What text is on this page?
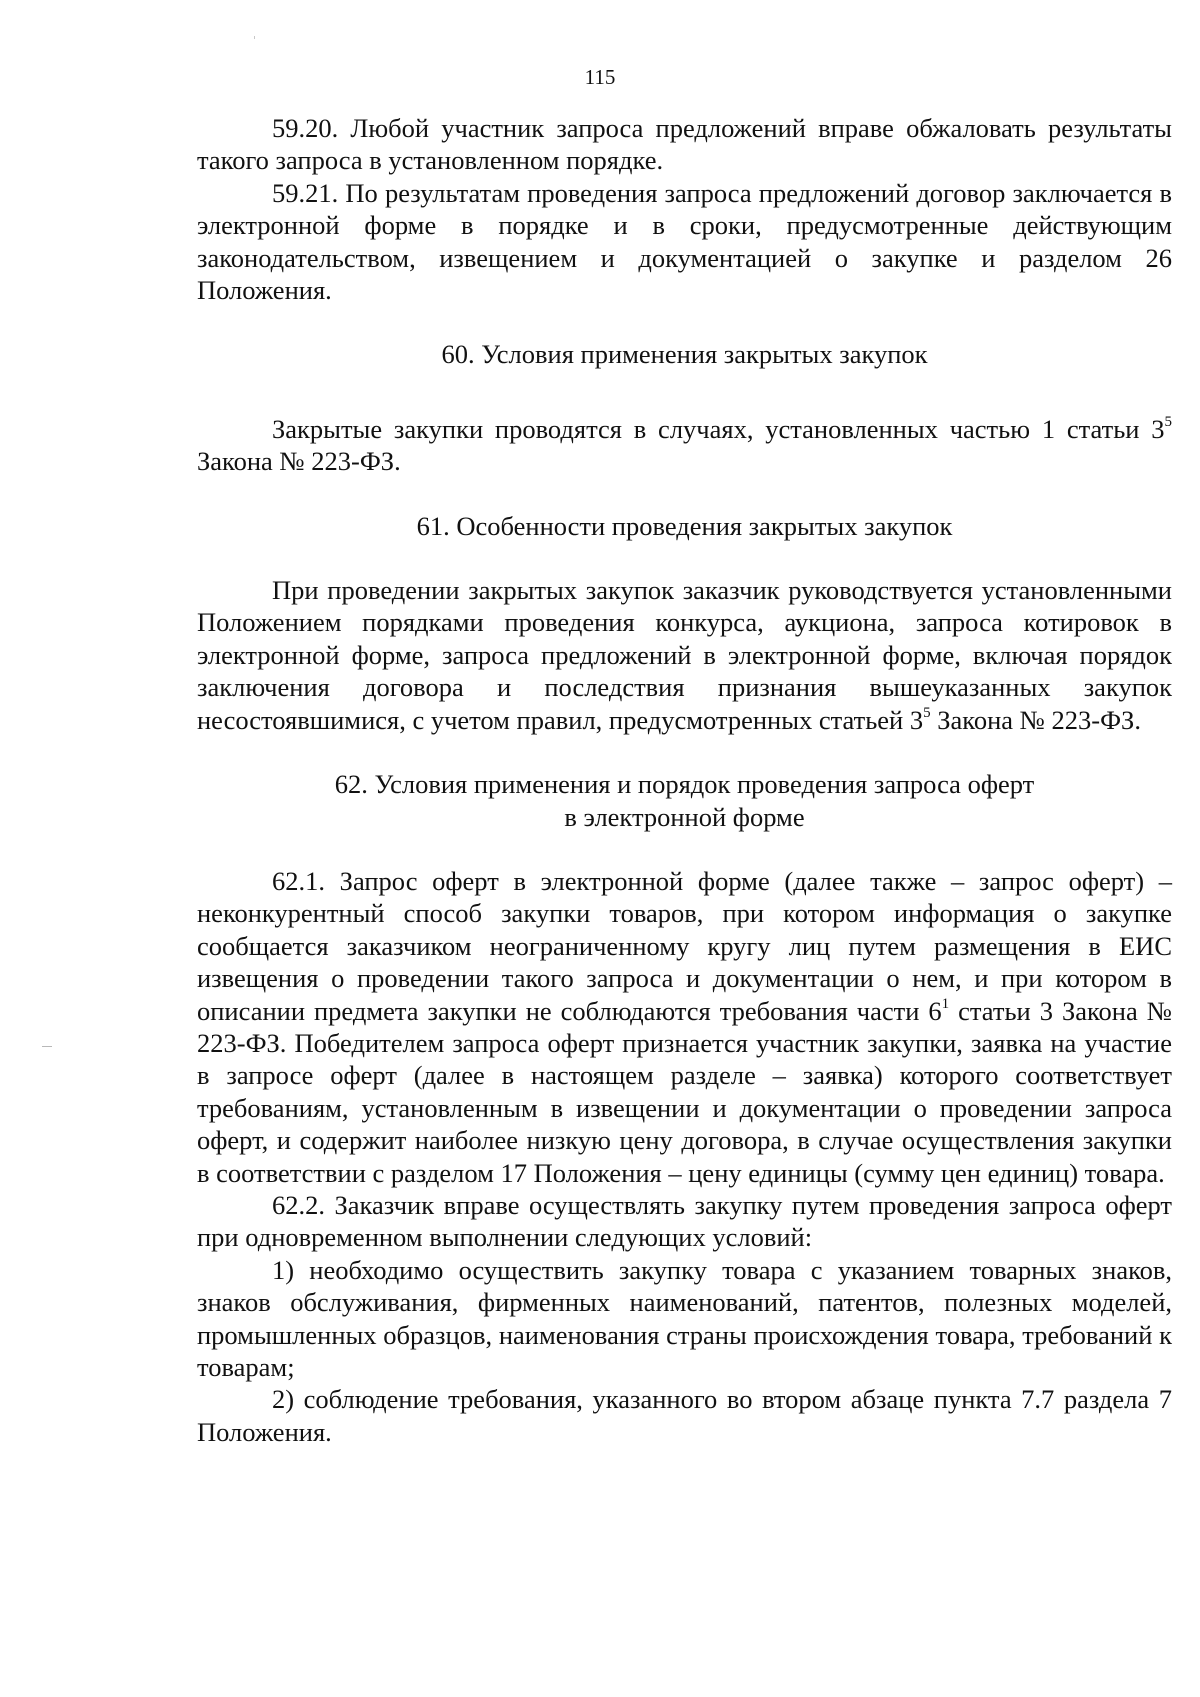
115

59.20. Любой участник запроса предложений вправе обжаловать результаты такого запроса в установленном порядке.

59.21. По результатам проведения запроса предложений договор заключается в электронной форме в порядке и в сроки, предусмотренные действующим законодательством, извещением и документацией о закупке и разделом 26 Положения.

60. Условия применения закрытых закупок

Закрытые закупки проводятся в случаях, установленных частью 1 статьи $3^5$ Закона № 223-ФЗ.

61. Особенности проведения закрытых закупок

При проведении закрытых закупок заказчик руководствуется установленными Положением порядками проведения конкурса, аукциона, запроса котировок в электронной форме, запроса предложений в электронной форме, включая порядок заключения договора и последствия признания вышеуказанных закупок несостоявшимися, с учетом правил, предусмотренных статьей $3^5$ Закона № 223-ФЗ.

62. Условия применения и порядок проведения запроса оферт
в электронной форме

62.1. Запрос оферт в электронной форме (далее также – запрос оферт) – неконкурентный способ закупки товаров, при котором информация о закупке сообщается заказчиком неограниченному кругу лиц путем размещения в ЕИС извещения о проведении такого запроса и документации о нем, и при котором в описании предмета закупки не соблюдаются требования части $6^1$ статьи 3 Закона № 223-ФЗ. Победителем запроса оферт признается участник закупки, заявка на участие в запросе оферт (далее в настоящем разделе – заявка) которого соответствует требованиям, установленным в извещении и документации о проведении запроса оферт, и содержит наиболее низкую цену договора, в случае осуществления закупки в соответствии с разделом 17 Положения – цену единицы (сумму цен единиц) товара.

62.2. Заказчик вправе осуществлять закупку путем проведения запроса оферт при одновременном выполнении следующих условий:

1) необходимо осуществить закупку товара с указанием товарных знаков, знаков обслуживания, фирменных наименований, патентов, полезных моделей, промышленных образцов, наименования страны происхождения товара, требований к товарам;

2) соблюдение требования, указанного во втором абзаце пункта 7.7 раздела 7 Положения.
